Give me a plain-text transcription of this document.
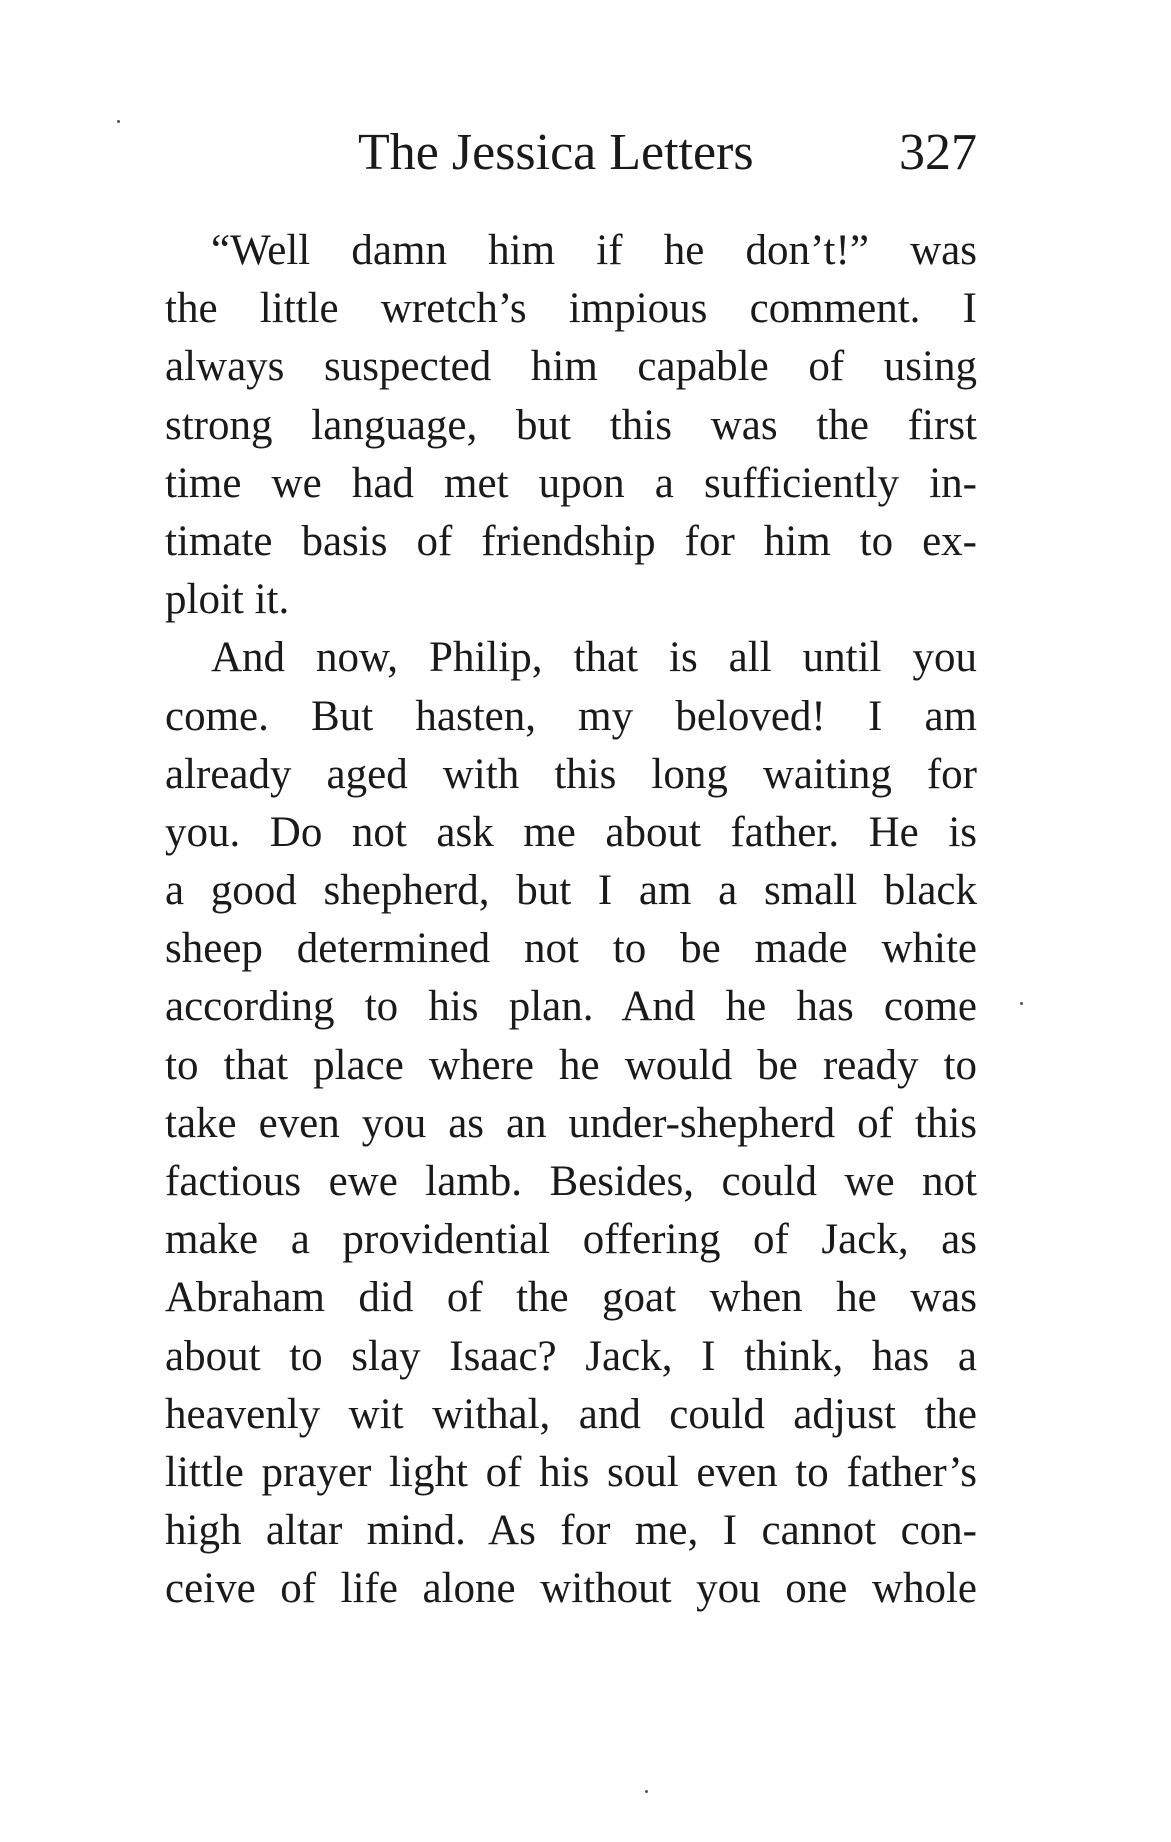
The Jessica Letters	327
“Well damn him if he don’t!” was
the little wretch’s impious comment. I
always suspected him capable of using
strong language, but this was the first
time we had met upon a sufficiently in-
timate basis of friendship for him to ex-
ploit it.
And now, Philip, that is all until you
come. But hasten, my beloved! I am
already aged with this long waiting for
you. Do not ask me about father. He is
a good shepherd, but I am a small black
sheep determined not to be made white
according to his plan. And he has come
to that place where he would be ready to
take even you as an under-shepherd of this
factious ewe lamb. Besides, could we not
make a providential offering of Jack, as
Abraham did of the goat when he was
about to slay Isaac? Jack, I think, has a
heavenly wit withal, and could adjust the
little prayer light of his soul even to father’s
high altar mind. As for me, I cannot con-
ceive of life alone without you one whole
